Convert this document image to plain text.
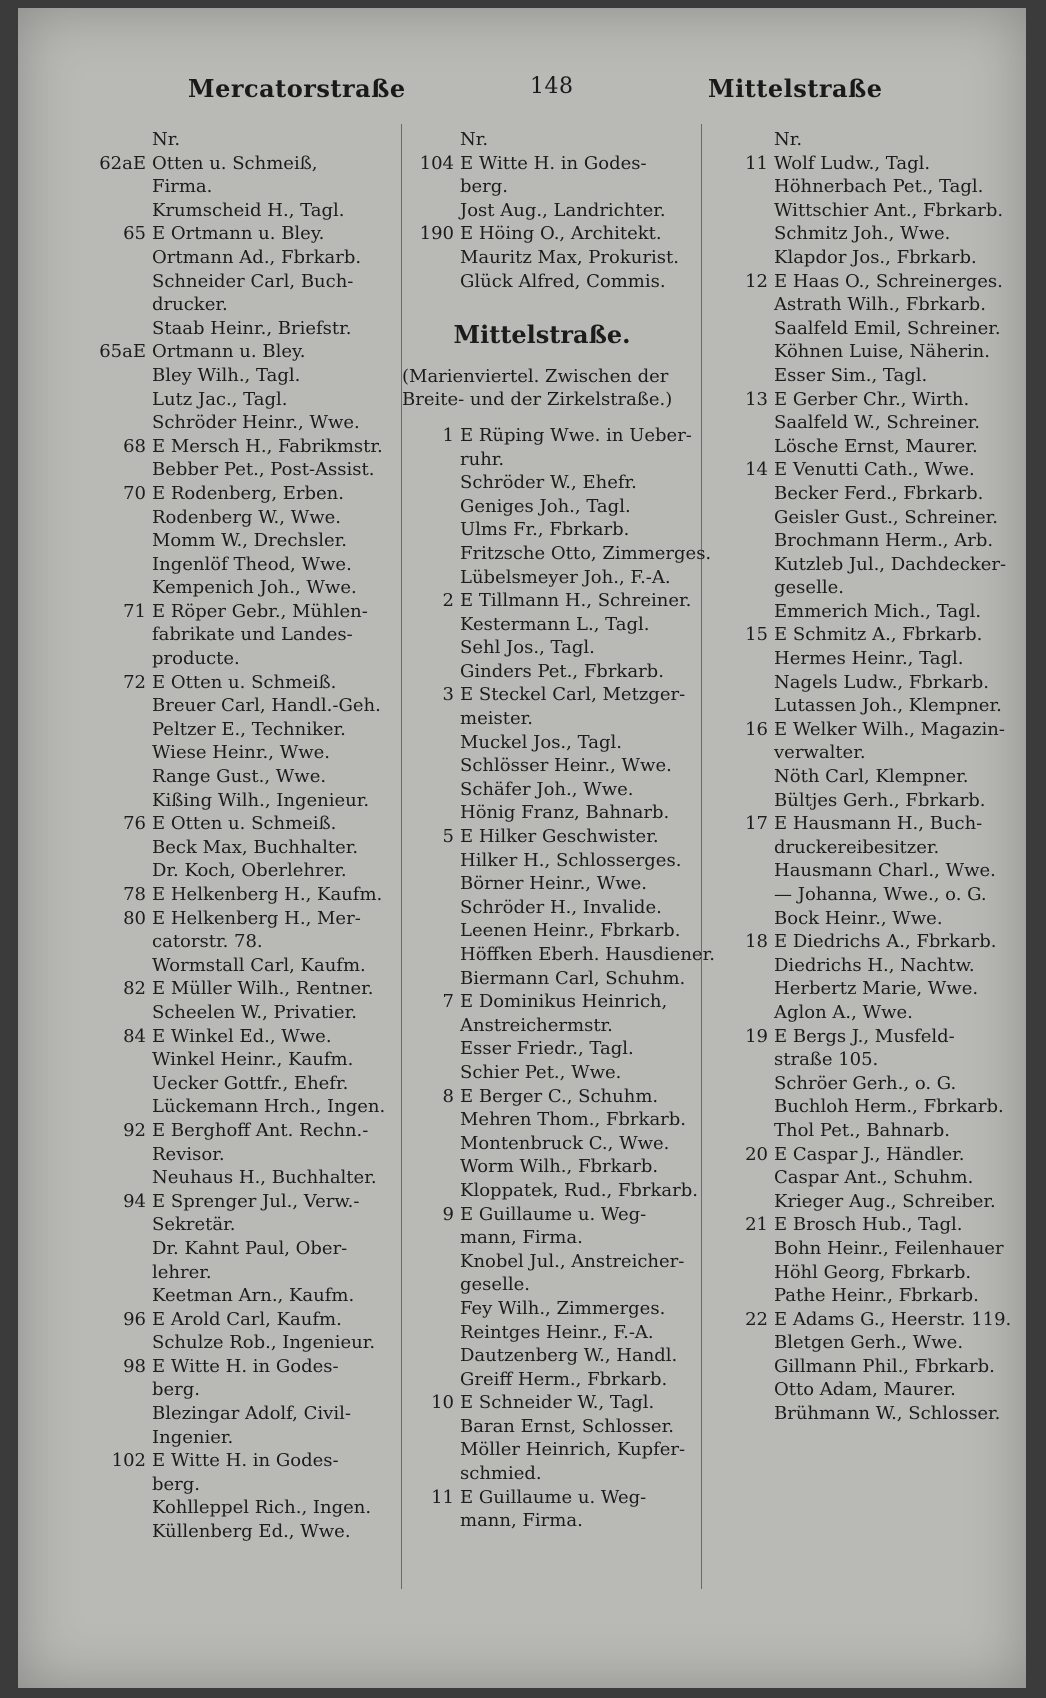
Mercatorstraße	148	Mittelstraße
Nr.
62aE Otten u. Schmeiß,
Firma.
Krumscheid H., Tagl.
65 E Ortmann u. Bley.
Ortmann Ad., Fbrkarb.
Schneider Carl, Buch-
drucker.
Staab Heinr., Briefstr.
65aE Ortmann u. Bley.
Bley Wilh., Tagl.
Lutz Jac., Tagl.
Schröder Heinr., Wwe.
68 E Mersch H., Fabrikmstr.
Bebber Pet., Post-Assist.
70 E Rodenberg, Erben.
Rodenberg W., Wwe.
Momm W., Drechsler.
Ingenlöf Theod, Wwe.
Kempenich Joh., Wwe.
71 E Röper Gebr., Mühlen-
fabrikate und Landes-
producte.
72 E Otten u. Schmeiß.
Breuer Carl, Handl.-Geh.
Peltzer E., Techniker.
Wiese Heinr., Wwe.
Range Gust., Wwe.
Kißing Wilh., Ingenieur.
76 E Otten u. Schmeiß.
Beck Max, Buchhalter.
Dr. Koch, Oberlehrer.
78 E Helkenberg H., Kaufm.
80 E Helkenberg H., Mer-
catorstr. 78.
Wormstall Carl, Kaufm.
82 E Müller Wilh., Rentner.
Scheelen W., Privatier.
84 E Winkel Ed., Wwe.
Winkel Heinr., Kaufm.
Uecker Gottfr., Ehefr.
Lückemann Hrch., Ingen.
92 E Berghoff Ant. Rechn.-
Revisor.
Neuhaus H., Buchhalter.
94 E Sprenger Jul., Verw.-
Sekretär.
Dr. Kahnt Paul, Ober-
lehrer.
Keetman Arn., Kaufm.
96 E Arold Carl, Kaufm.
Schulze Rob., Ingenieur.
98 E Witte H. in Godes-
berg.
Blezingar Adolf, Civil-
Ingenier.
102 E Witte H. in Godes-
berg.
Kohlleppel Rich., Ingen.
Küllenberg Ed., Wwe.
Nr.
104 E Witte H. in Godes-
berg.
Jost Aug., Landrichter.
190 E Höing O., Architekt.
Mauritz Max, Prokurist.
Glück Alfred, Commis.
Mittelstraße.
(Marienviertel. Zwischen der
Breite- und der Zirkelstraße.)
1 E Rüping Wwe. in Ueber-
ruhr.
Schröder W., Ehefr.
Geniges Joh., Tagl.
Ulms Fr., Fbrkarb.
Fritzsche Otto, Zimmerges.
Lübelsmeyer Joh., F.-A.
2 E Tillmann H., Schreiner.
Kestermann L., Tagl.
Sehl Jos., Tagl.
Ginders Pet., Fbrkarb.
3 E Steckel Carl, Metzger-
meister.
Muckel Jos., Tagl.
Schlösser Heinr., Wwe.
Schäfer Joh., Wwe.
Hönig Franz, Bahnarb.
5 E Hilker Geschwister.
Hilker H., Schlosserges.
Börner Heinr., Wwe.
Schröder H., Invalide.
Leenen Heinr., Fbrkarb.
Höffken Eberh. Hausdiener.
Biermann Carl, Schuhm.
7 E Dominikus Heinrich,
Anstreichermstr.
Esser Friedr., Tagl.
Schier Pet., Wwe.
8 E Berger C., Schuhm.
Mehren Thom., Fbrkarb.
Montenbruck C., Wwe.
Worm Wilh., Fbrkarb.
Kloppatek, Rud., Fbrkarb.
9 E Guillaume u. Weg-
mann, Firma.
Knobel Jul., Anstreicher-
geselle.
Fey Wilh., Zimmerges.
Reintges Heinr., F.-A.
Dautzenberg W., Handl.
Greiff Herm., Fbrkarb.
10 E Schneider W., Tagl.
Baran Ernst, Schlosser.
Möller Heinrich, Kupfer-
schmied.
11 E Guillaume u. Weg-
mann, Firma.
Nr.
11 Wolf Ludw., Tagl.
Höhnerbach Pet., Tagl.
Wittschier Ant., Fbrkarb.
Schmitz Joh., Wwe.
Klapdor Jos., Fbrkarb.
12 E Haas O., Schreinerges.
Astrath Wilh., Fbrkarb.
Saalfeld Emil, Schreiner.
Köhnen Luise, Näherin.
Esser Sim., Tagl.
13 E Gerber Chr., Wirth.
Saalfeld W., Schreiner.
Lösche Ernst, Maurer.
14 E Venutti Cath., Wwe.
Becker Ferd., Fbrkarb.
Geisler Gust., Schreiner.
Brochmann Herm., Arb.
Kutzleb Jul., Dachdecker-
geselle.
Emmerich Mich., Tagl.
15 E Schmitz A., Fbrkarb.
Hermes Heinr., Tagl.
Nagels Ludw., Fbrkarb.
Lutassen Joh., Klempner.
16 E Welker Wilh., Magazin-
verwalter.
Nöth Carl, Klempner.
Bültjes Gerh., Fbrkarb.
17 E Hausmann H., Buch-
druckereibesitzer.
Hausmann Charl., Wwe.
— Johanna, Wwe., o. G.
Bock Heinr., Wwe.
18 E Diedrichs A., Fbrkarb.
Diedrichs H., Nachtw.
Herbertz Marie, Wwe.
Aglon A., Wwe.
19 E Bergs J., Musfeld-
straße 105.
Schröer Gerh., o. G.
Buchloh Herm., Fbrkarb.
Thol Pet., Bahnarb.
20 E Caspar J., Händler.
Caspar Ant., Schuhm.
Krieger Aug., Schreiber.
21 E Brosch Hub., Tagl.
Bohn Heinr., Feilenhauer
Höhl Georg, Fbrkarb.
Pathe Heinr., Fbrkarb.
22 E Adams G., Heerstr. 119.
Bletgen Gerh., Wwe.
Gillmann Phil., Fbrkarb.
Otto Adam, Maurer.
Brühmann W., Schlosser.
